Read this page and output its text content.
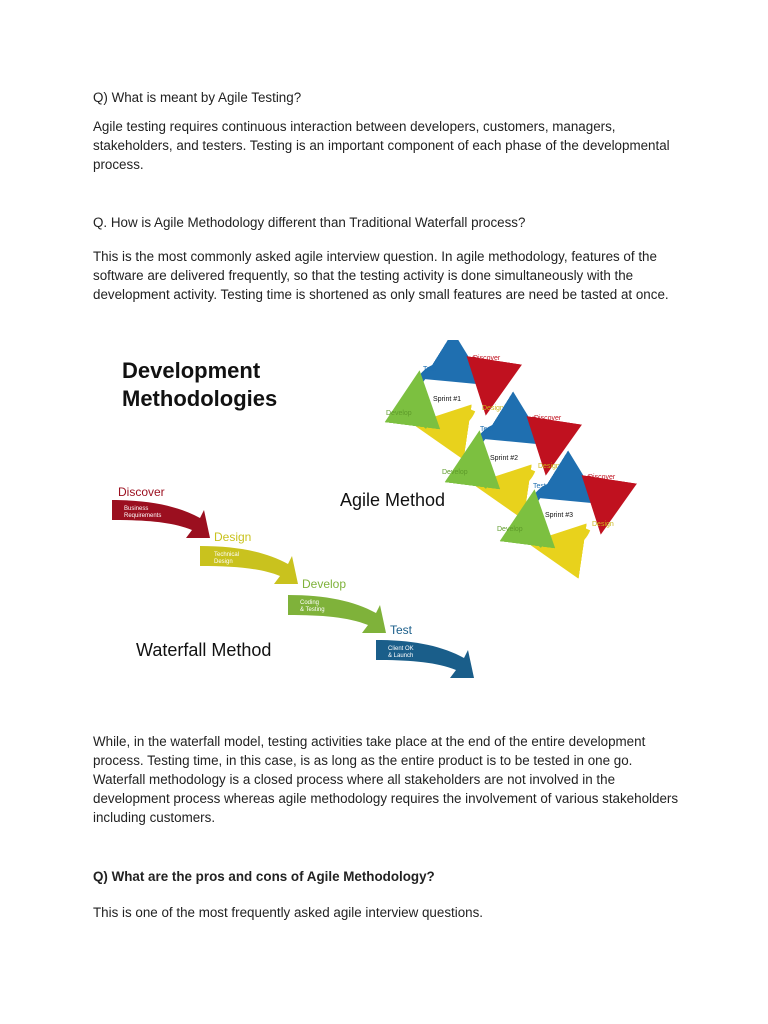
Q) What is meant by Agile Testing?

Agile testing requires continuous interaction between developers, customers, managers, stakeholders, and testers. Testing is an important component of each phase of the developmental process.

Q. How is Agile Methodology different than Traditional Waterfall process?

This is the most commonly asked agile interview question. In agile methodology, features of the software are delivered frequently, so that the testing activity is done simultaneously with the development activity. Testing time is shortened as only small features are need be tasted at once.

Development
Methodologies
Agile Method
Waterfall Method
Sprint #1
Test
Discover
Design
Develop
Sprint #2
Test
Discover
Design
Develop
Sprint #3
Test
Discover
Design
Develop
Discover
Business
Requirements
Design
Technical
Design
Develop
Coding
& Testing
Test
Client OK
& Launch

While, in the waterfall model, testing activities take place at the end of the entire development process. Testing time, in this case, is as long as the entire product is to be tested in one go. Waterfall methodology is a closed process where all stakeholders are not involved in the development process whereas agile methodology requires the involvement of various stakeholders including customers.

Q) What are the pros and cons of Agile Methodology?

This is one of the most frequently asked agile interview questions.
